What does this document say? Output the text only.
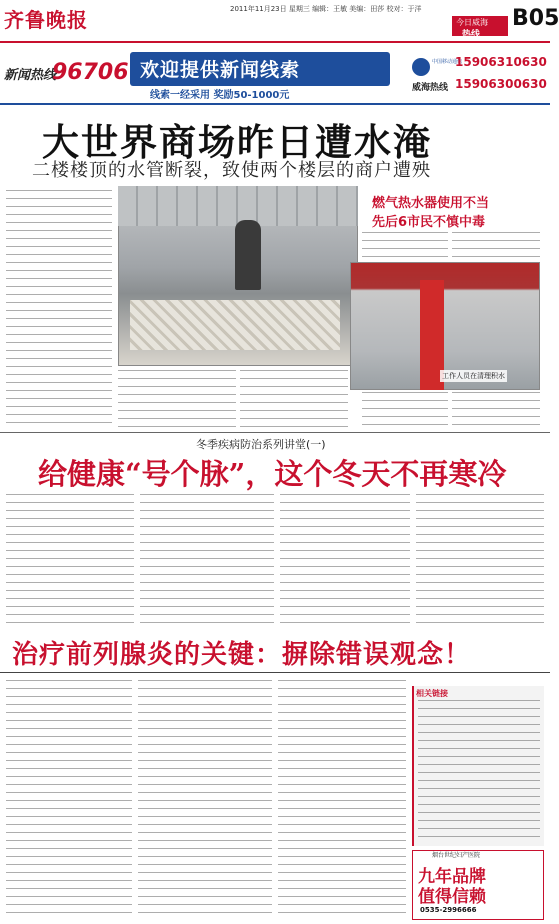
齐鲁晚报	2011年11月23日 星期三 编辑：王敏 美编：田莎 校对：于洋
今日威海
热线
B05
新闻热线
96706 欢迎提供新闻线索
线索一经采用 奖励50-1000元
中国移动通信
威海热线
15906310630
15906300630
大世界商场昨日遭水淹
二楼楼顶的水管断裂，致使两个楼层的商户遭殃
燃气热水器使用不当
先后6市民不慎中毒
工作人员在清理积水
冬季疾病防治系列讲堂(一)
给健康“号个脉”，这个冬天不再寒冷
治疗前列腺炎的关键：摒除错误观念！
相关链接
烟台世纪妇产医院
九年品牌
值得信赖
0535-2996666
